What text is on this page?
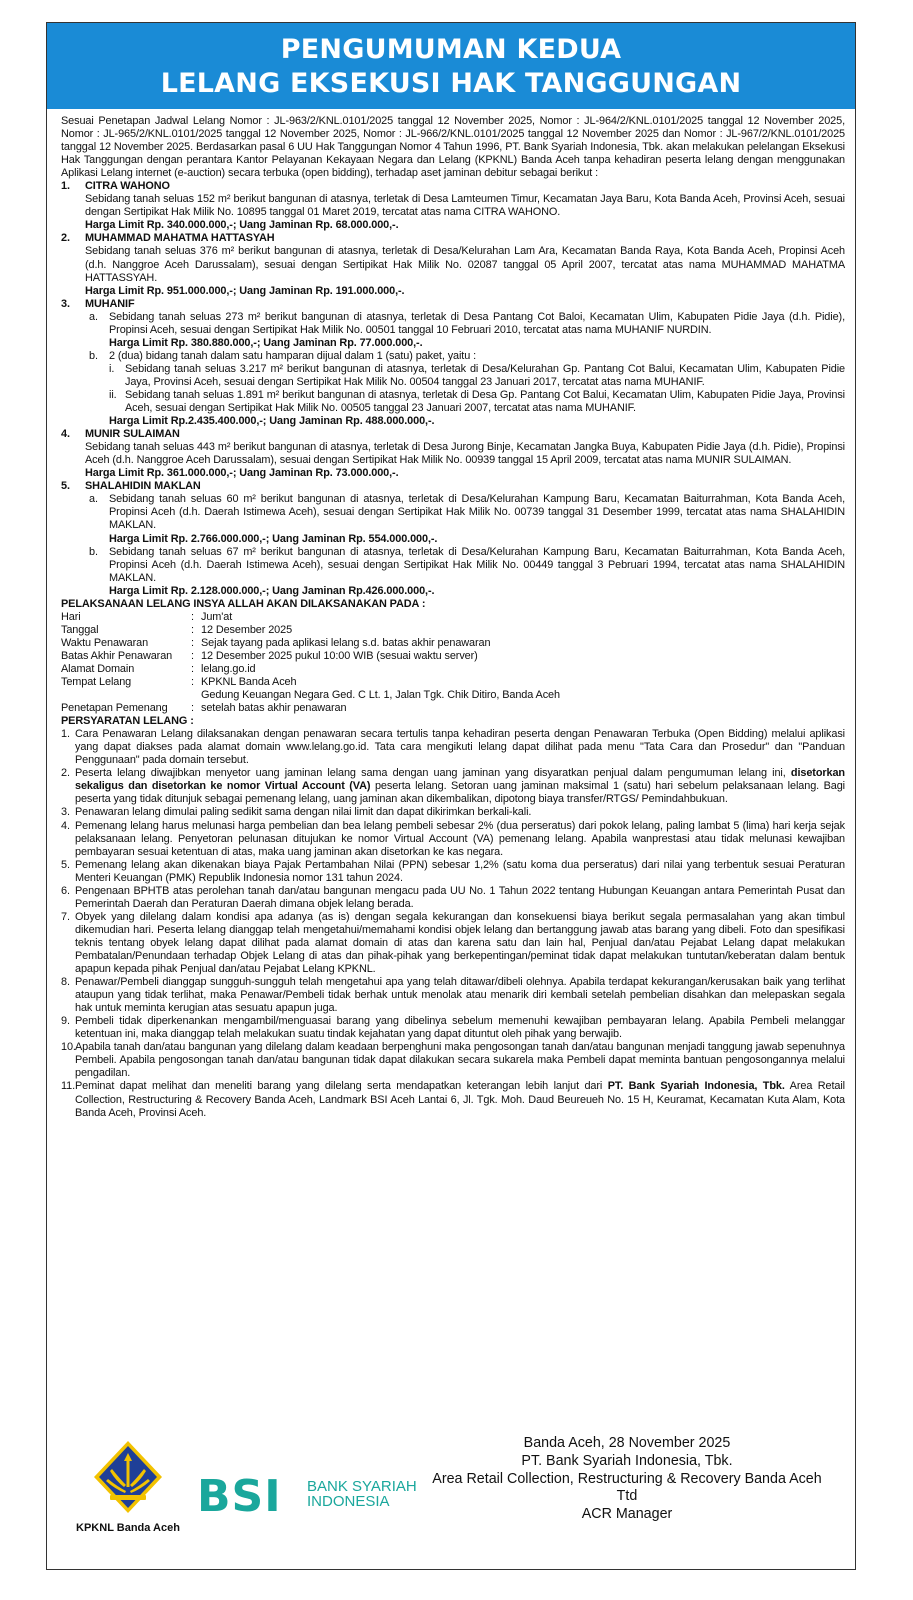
PENGUMUMAN KEDUA
LELANG EKSEKUSI HAK TANGGUNGAN

Sesuai Penetapan Jadwal Lelang Nomor : JL-963/2/KNL.0101/2025 tanggal 12 November 2025, Nomor : JL-964/2/KNL.0101/2025 tanggal 12 November 2025, Nomor : JL-965/2/KNL.0101/2025 tanggal 12 November 2025, Nomor : JL-966/2/KNL.0101/2025 tanggal 12 November 2025 dan Nomor : JL-967/2/KNL.0101/2025 tanggal 12 November 2025. Berdasarkan pasal 6 UU Hak Tanggungan Nomor 4 Tahun 1996, PT. Bank Syariah Indonesia, Tbk. akan melakukan pelelangan Eksekusi Hak Tanggungan dengan perantara Kantor Pelayanan Kekayaan Negara dan Lelang (KPKNL) Banda Aceh tanpa kehadiran peserta lelang dengan menggunakan Aplikasi Lelang internet (e-auction) secara terbuka (open bidding), terhadap aset jaminan debitur sebagai berikut :

1.	CITRA WAHONO

Sebidang tanah seluas 152 m² berikut bangunan di atasnya, terletak di Desa Lamteumen Timur, Kecamatan Jaya Baru, Kota Banda Aceh, Provinsi Aceh, sesuai dengan Sertipikat Hak Milik No. 10895 tanggal 01 Maret 2019, tercatat atas nama CITRA WAHONO.

Harga Limit Rp. 340.000.000,-; Uang Jaminan Rp. 68.000.000,-.

2.	MUHAMMAD MAHATMA HATTASYAH

Sebidang tanah seluas 376 m² berikut bangunan di atasnya, terletak di Desa/Kelurahan Lam Ara, Kecamatan Banda Raya, Kota Banda Aceh, Propinsi Aceh (d.h. Nanggroe Aceh Darussalam), sesuai dengan Sertipikat Hak Milik No. 02087 tanggal 05 April 2007, tercatat atas nama MUHAMMAD MAHATMA HATTASSYAH.

Harga Limit Rp. 951.000.000,-; Uang Jaminan Rp. 191.000.000,-.

3.	MUHANIF

a.	Sebidang tanah seluas 273 m² berikut bangunan di atasnya, terletak di Desa Pantang Cot Baloi, Kecamatan Ulim, Kabupaten Pidie Jaya (d.h. Pidie), Propinsi Aceh, sesuai dengan Sertipikat Hak Milik No. 00501 tanggal 10 Februari 2010, tercatat atas nama MUHANIF NURDIN.

Harga Limit Rp. 380.880.000,-; Uang Jaminan Rp. 77.000.000,-.

b.	2 (dua) bidang tanah dalam satu hamparan dijual dalam 1 (satu) paket, yaitu :

i. Sebidang tanah seluas 3.217 m² berikut bangunan di atasnya, terletak di Desa/Kelurahan Gp. Pantang Cot Balui, Kecamatan Ulim, Kabupaten Pidie Jaya, Provinsi Aceh, sesuai dengan Sertipikat Hak Milik No. 00504 tanggal 23 Januari 2017, tercatat atas nama MUHANIF.

ii. Sebidang tanah seluas 1.891 m² berikut bangunan di atasnya, terletak di Desa Gp. Pantang Cot Balui, Kecamatan Ulim, Kabupaten Pidie Jaya, Provinsi Aceh, sesuai dengan Sertipikat Hak Milik No. 00505 tanggal 23 Januari 2007, tercatat atas nama MUHANIF.

Harga Limit Rp.2.435.400.000,-; Uang Jaminan Rp. 488.000.000,-.

4.	MUNIR SULAIMAN

Sebidang tanah seluas 443 m² berikut bangunan di atasnya, terletak di Desa Jurong Binje, Kecamatan Jangka Buya, Kabupaten Pidie Jaya (d.h. Pidie), Propinsi Aceh (d.h. Nanggroe Aceh Darussalam), sesuai dengan Sertipikat Hak Milik No. 00939 tanggal 15 April 2009, tercatat atas nama MUNIR SULAIMAN.

Harga Limit Rp. 361.000.000,-; Uang Jaminan Rp. 73.000.000,-.

5.	SHALAHIDIN MAKLAN

a.	Sebidang tanah seluas 60 m² berikut bangunan di atasnya, terletak di Desa/Kelurahan Kampung Baru, Kecamatan Baiturrahman, Kota Banda Aceh, Propinsi Aceh (d.h. Daerah Istimewa Aceh), sesuai dengan Sertipikat Hak Milik No. 00739 tanggal 31 Desember 1999, tercatat atas nama SHALAHIDIN MAKLAN.

Harga Limit Rp. 2.766.000.000,-; Uang Jaminan Rp. 554.000.000,-.

b.	Sebidang tanah seluas 67 m² berikut bangunan di atasnya, terletak di Desa/Kelurahan Kampung Baru, Kecamatan Baiturrahman, Kota Banda Aceh, Propinsi Aceh (d.h. Daerah Istimewa Aceh), sesuai dengan Sertipikat Hak Milik No. 00449 tanggal 3 Pebruari 1994, tercatat atas nama SHALAHIDIN MAKLAN.

Harga Limit Rp. 2.128.000.000,-; Uang Jaminan Rp.426.000.000,-.

PELAKSANAAN LELANG INSYA ALLAH AKAN DILAKSANAKAN PADA :

Hari	:	Jum'at
Tanggal	:	12 Desember 2025
Waktu Penawaran	:	Sejak tayang pada aplikasi lelang s.d. batas akhir penawaran
Batas Akhir Penawaran	:	12 Desember 2025 pukul 10:00 WIB (sesuai waktu server)
Alamat Domain	:	lelang.go.id
Tempat Lelang	:	KPKNL Banda Aceh
		Gedung Keuangan Negara Ged. C Lt. 1, Jalan Tgk. Chik Ditiro, Banda Aceh
Penetapan Pemenang	:	setelah batas akhir penawaran

PERSYARATAN LELANG :

1. Cara Penawaran Lelang dilaksanakan dengan penawaran secara tertulis tanpa kehadiran peserta dengan Penawaran Terbuka (Open Bidding) melalui aplikasi yang dapat diakses pada alamat domain www.lelang.go.id. Tata cara mengikuti lelang dapat dilihat pada menu "Tata Cara dan Prosedur" dan "Panduan Penggunaan" pada domain tersebut.

2. Peserta lelang diwajibkan menyetor uang jaminan lelang sama dengan uang jaminan yang disyaratkan penjual dalam pengumuman lelang ini, disetorkan sekaligus dan disetorkan ke nomor Virtual Account (VA) peserta lelang. Setoran uang jaminan maksimal 1 (satu) hari sebelum pelaksanaan lelang. Bagi peserta yang tidak ditunjuk sebagai pemenang lelang, uang jaminan akan dikembalikan, dipotong biaya transfer/RTGS/ Pemindahbukuan.

3. Penawaran lelang dimulai paling sedikit sama dengan nilai limit dan dapat dikirimkan berkali-kali.

4. Pemenang lelang harus melunasi harga pembelian dan bea lelang pembeli sebesar 2% (dua perseratus) dari pokok lelang, paling lambat 5 (lima) hari kerja sejak pelaksanaan lelang. Penyetoran pelunasan ditujukan ke nomor Virtual Account (VA) pemenang lelang. Apabila wanprestasi atau tidak melunasi kewajiban pembayaran sesuai ketentuan di atas, maka uang jaminan akan disetorkan ke kas negara.

5. Pemenang lelang akan dikenakan biaya Pajak Pertambahan Nilai (PPN) sebesar 1,2% (satu koma dua perseratus) dari nilai yang terbentuk sesuai Peraturan Menteri Keuangan (PMK) Republik Indonesia nomor 131 tahun 2024.

6. Pengenaan BPHTB atas perolehan tanah dan/atau bangunan mengacu pada UU No. 1 Tahun 2022 tentang Hubungan Keuangan antara Pemerintah Pusat dan Pemerintah Daerah dan Peraturan Daerah dimana objek lelang berada.

7. Obyek yang dilelang dalam kondisi apa adanya (as is) dengan segala kekurangan dan konsekuensi biaya berikut segala permasalahan yang akan timbul dikemudian hari. Peserta lelang dianggap telah mengetahui/memahami kondisi objek lelang dan bertanggung jawab atas barang yang dibeli. Foto dan spesifikasi teknis tentang obyek lelang dapat dilihat pada alamat domain di atas dan karena satu dan lain hal, Penjual dan/atau Pejabat Lelang dapat melakukan Pembatalan/Penundaan terhadap Objek Lelang di atas dan pihak-pihak yang berkepentingan/peminat tidak dapat melakukan tuntutan/keberatan dalam bentuk apapun kepada pihak Penjual dan/atau Pejabat Lelang KPKNL.

8. Penawar/Pembeli dianggap sungguh-sungguh telah mengetahui apa yang telah ditawar/dibeli olehnya. Apabila terdapat kekurangan/kerusakan baik yang terlihat ataupun yang tidak terlihat, maka Penawar/Pembeli tidak berhak untuk menolak atau menarik diri kembali setelah pembelian disahkan dan melepaskan segala hak untuk meminta kerugian atas sesuatu apapun juga.

9. Pembeli tidak diperkenankan mengambil/menguasai barang yang dibelinya sebelum memenuhi kewajiban pembayaran lelang. Apabila Pembeli melanggar ketentuan ini, maka dianggap telah melakukan suatu tindak kejahatan yang dapat dituntut oleh pihak yang berwajib.

10. Apabila tanah dan/atau bangunan yang dilelang dalam keadaan berpenghuni maka pengosongan tanah dan/atau bangunan menjadi tanggung jawab sepenuhnya Pembeli. Apabila pengosongan tanah dan/atau bangunan tidak dapat dilakukan secara sukarela maka Pembeli dapat meminta bantuan pengosongannya melalui pengadilan.

11. Peminat dapat melihat dan meneliti barang yang dilelang serta mendapatkan keterangan lebih lanjut dari PT. Bank Syariah Indonesia, Tbk. Area Retail Collection, Restructuring & Recovery Banda Aceh, Landmark BSI Aceh Lantai 6, Jl. Tgk. Moh. Daud Beureueh No. 15 H, Keuramat, Kecamatan Kuta Alam, Kota Banda Aceh, Provinsi Aceh.

KPKNL Banda Aceh
BSI BANK SYARIAH
INDONESIA
Banda Aceh, 28 November 2025
PT. Bank Syariah Indonesia, Tbk.
Area Retail Collection, Restructuring & Recovery Banda Aceh
Ttd
ACR Manager
